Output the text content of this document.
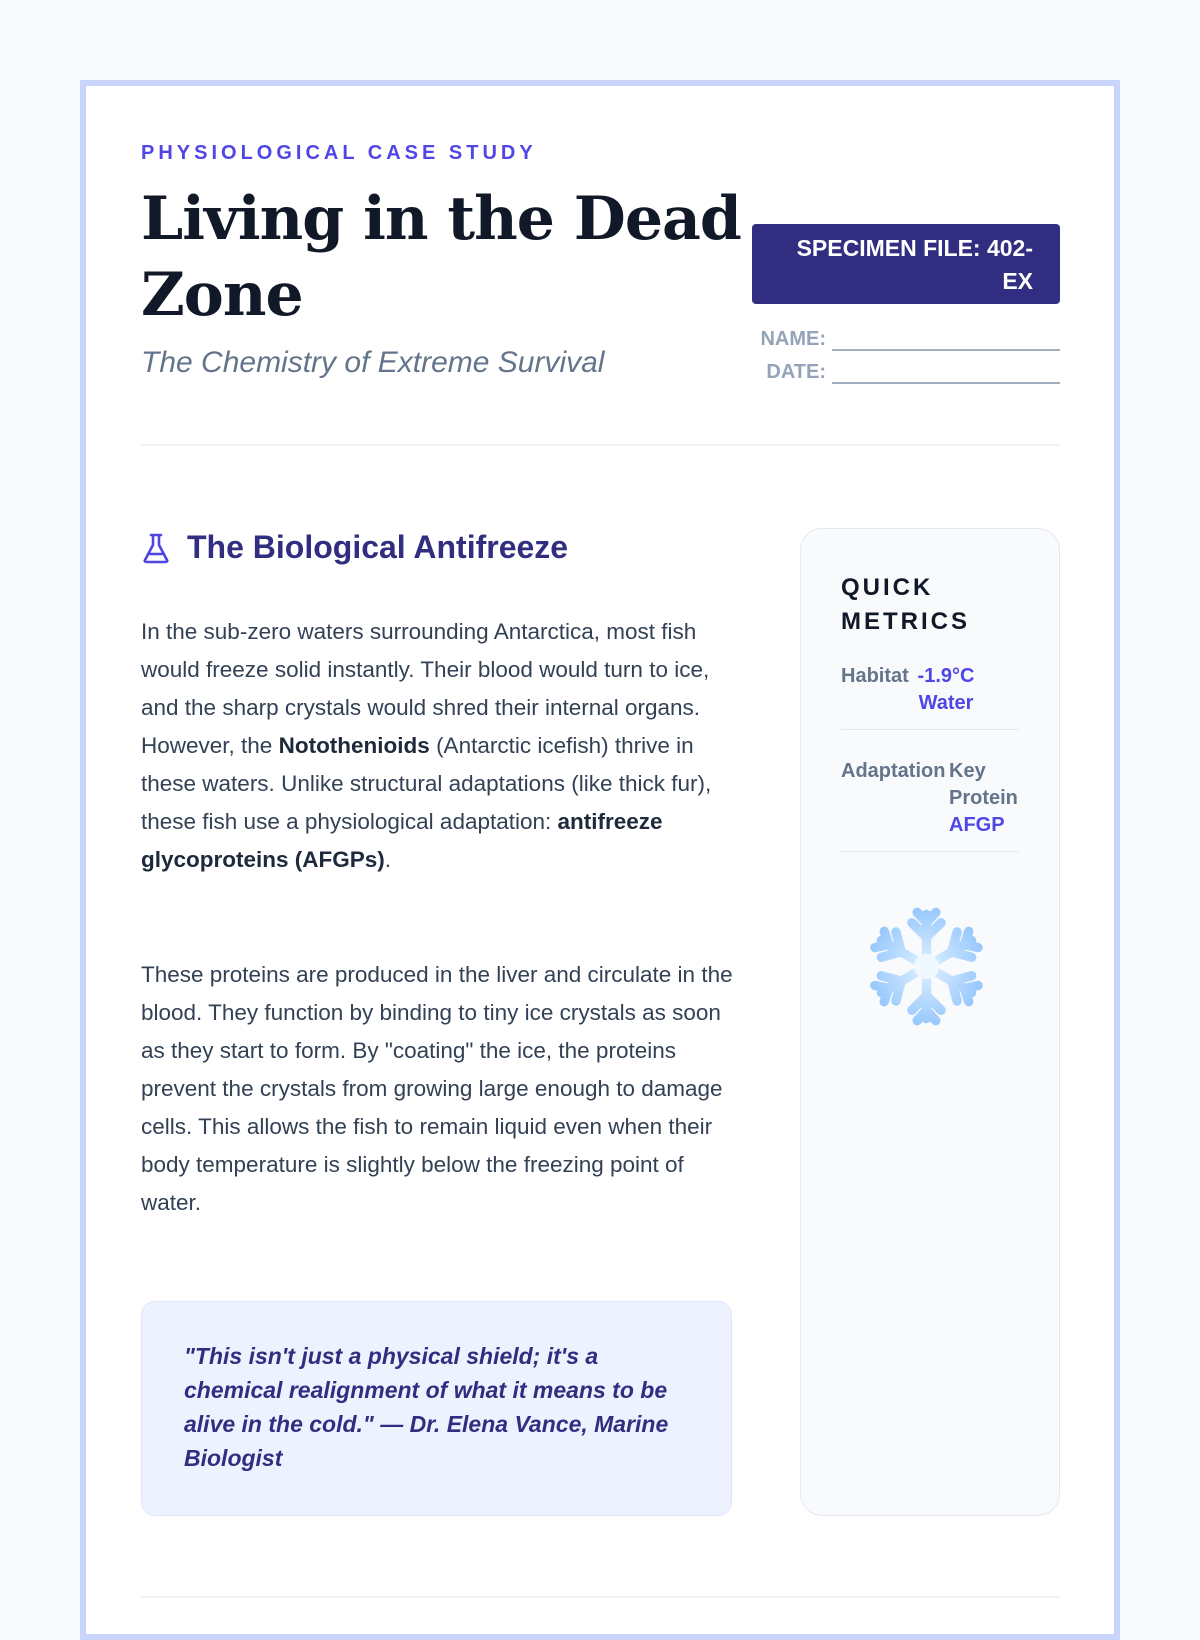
PHYSIOLOGICAL CASE STUDY
Living in the Dead Zone
The Chemistry of Extreme Survival
SPECIMEN FILE: 402-EX
NAME:
DATE:
The Biological Antifreeze
In the sub-zero waters surrounding Antarctica, most fish would freeze solid instantly. Their blood would turn to ice, and the sharp crystals would shred their internal organs. However, the Notothenioids (Antarctic icefish) thrive in these waters. Unlike structural adaptations (like thick fur), these fish use a physiological adaptation: antifreeze glycoproteins (AFGPs).
These proteins are produced in the liver and circulate in the blood. They function by binding to tiny ice crystals as soon as they start to form. By "coating" the ice, the proteins prevent the crystals from growing large enough to damage cells. This allows the fish to remain liquid even when their body temperature is slightly below the freezing point of water.
"This isn't just a physical shield; it's a chemical realignment of what it means to be alive in the cold." — Dr. Elena Vance, Marine Biologist
QUICK METRICS
Habitat -1.9°C
Water
Adaptation Key
Protein
AFGP
